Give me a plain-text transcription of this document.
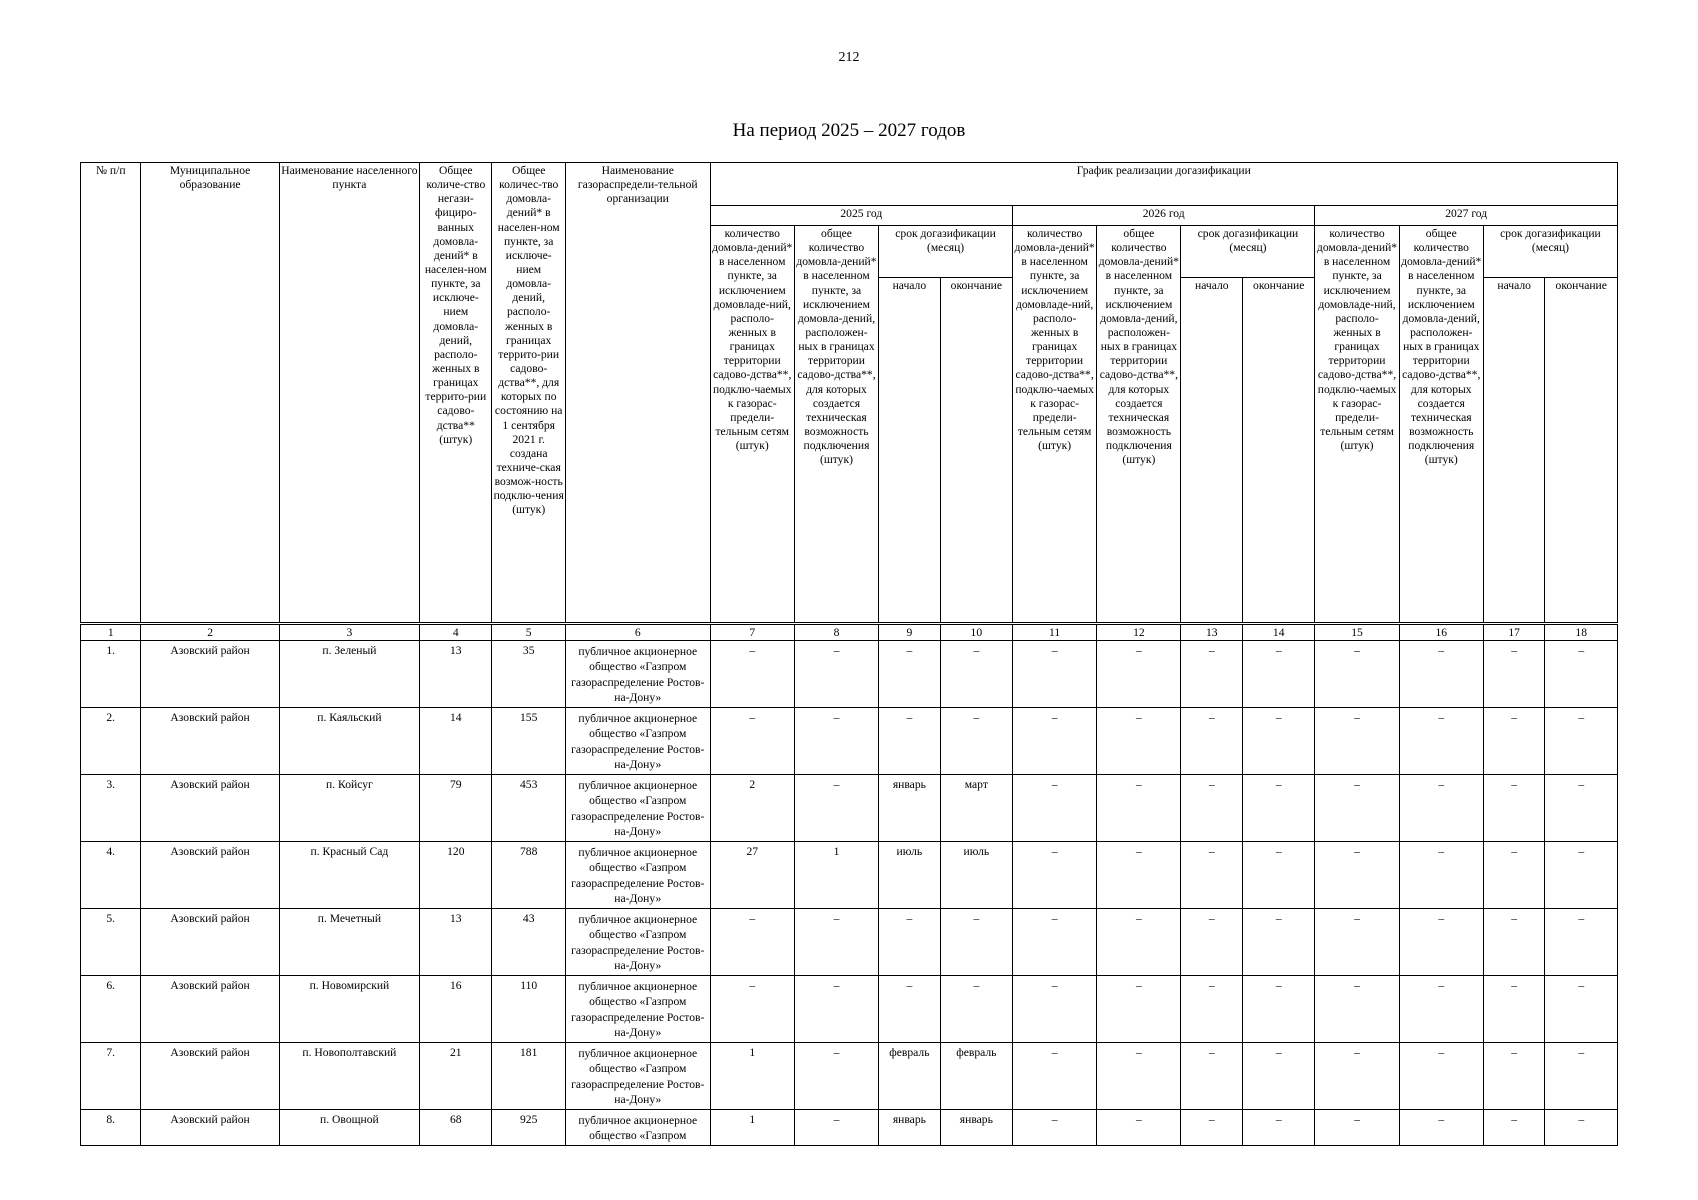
212
На период 2025 – 2027 годов
№ п/п	Муниципальное образование	Наименование населенного пункта	Общее количе-ство негази-фициро-ванных домовла-дений* в населен-ном пункте, за исключе-нием домовла-дений, располо-женных в границах террито-рии садово-дства** (штук)	Общее количес-тво домовла-дений* в населен-ном пункте, за исключе-нием домовла-дений, располо-женных в границах террито-рии садово-дства**, для которых по состоянию на 1 сентября 2021 г. создана техниче-ская возмож-ность подклю-чения (штук)	Наименование газораспредели-тельной организации	График реализации догазификации											
						2025 год				2026 год				2027 год			
						количество домовла-дений* в населенном пункте, за исключением домовладе-ний, располо-женных в границах территории садово-дства**, подклю-чаемых к газорас-предели-тельным сетям (штук)	общее количество домовла-дений* в населенном пункте, за исключением домовла-дений, расположен-ных в границах территории садово-дства**, для которых создается техническая возможность подключения (штук)	срок догазификации (месяц)		количество домовла-дений* в населенном пункте, за исключением домовладе-ний, располо-женных в границах территории садово-дства**, подклю-чаемых к газорас-предели-тельным сетям (штук)	общее количество домовла-дений* в населенном пункте, за исключением домовла-дений, расположен-ных в границах территории садово-дства**, для которых создается техническая возможность подключения (штук)	срок догазификации (месяц)		количество домовла-дений* в населенном пункте, за исключением домовладе-ний, располо-женных в границах территории садово-дства**, подклю-чаемых к газорас-предели-тельным сетям (штук)	общее количество домовла-дений* в населенном пункте, за исключением домовла-дений, расположен-ных в границах территории садово-дства**, для которых создается техническая возможность подключения (штук)	срок догазификации (месяц)	
								начало	окончание			начало	окончание			начало	окончание
1	2	3	4	5	6	7	8	9	10	11	12	13	14	15	16	17	18
1.	Азовский район	п. Зеленый	13	35	публичное акционерное общество «Газпром газораспределение Ростов-на-Дону»	–	–	–	–	–	–	–	–	–	–	–	–
2.	Азовский район	п. Каяльский	14	155	публичное акционерное общество «Газпром газораспределение Ростов-на-Дону»	–	–	–	–	–	–	–	–	–	–	–	–
3.	Азовский район	п. Койсуг	79	453	публичное акционерное общество «Газпром газораспределение Ростов-на-Дону»	2	–	январь	март	–	–	–	–	–	–	–	–
4.	Азовский район	п. Красный Сад	120	788	публичное акционерное общество «Газпром газораспределение Ростов-на-Дону»	27	1	июль	июль	–	–	–	–	–	–	–	–
5.	Азовский район	п. Мечетный	13	43	публичное акционерное общество «Газпром газораспределение Ростов-на-Дону»	–	–	–	–	–	–	–	–	–	–	–	–
6.	Азовский район	п. Новомирский	16	110	публичное акционерное общество «Газпром газораспределение Ростов-на-Дону»	–	–	–	–	–	–	–	–	–	–	–	–
7.	Азовский район	п. Новополтавский	21	181	публичное акционерное общество «Газпром газораспределение Ростов-на-Дону»	1	–	февраль	февраль	–	–	–	–	–	–	–	–
8.	Азовский район	п. Овощной	68	925	публичное акционерное общество «Газпром	1	–	январь	январь	–	–	–	–	–	–	–	–
